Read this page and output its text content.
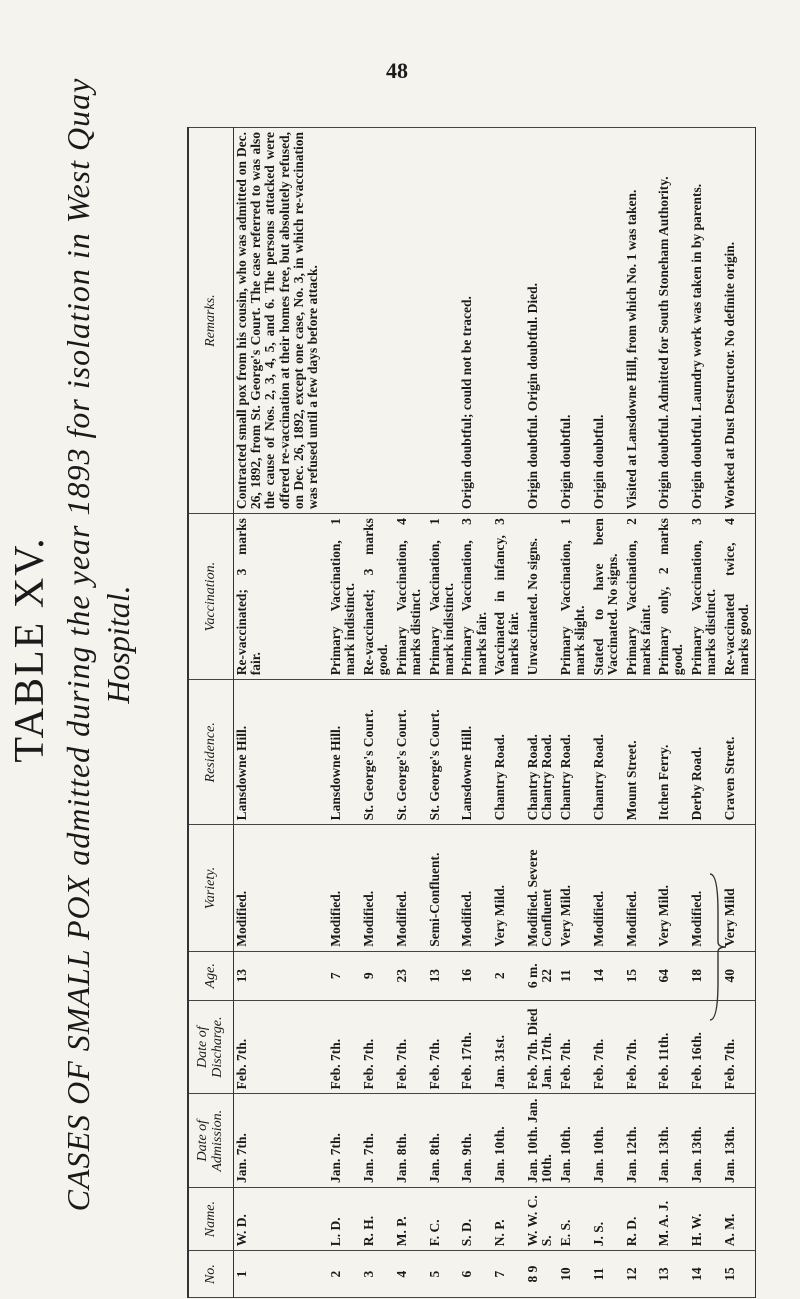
48
TABLE XV. CASES OF SMALL POX admitted during the year 1893 for isolation in West Quay Hospital.
No.	Name.	Date of Admission.	Date of Discharge.	Age.	Variety.	Residence.	Vaccination.	Remarks.
1	W. D.	Jan. 7th.	Feb. 7th.	13	Modified.	Lansdowne Hill.	Re-vaccinated; 3 marks fair.	Contracted small pox from his cousin, who was admitted on Dec. 26, 1892, from St. George's Court. The case referred to was also the cause of Nos. 2, 3, 4, 5, and 6. The persons attacked were offered re-vaccination at their homes free, but absolutely refused, on Dec. 26, 1892, except one case, No. 3, in which re-vaccination was refused until a few days before attack.
2	L. D.	Jan. 7th.	Feb. 7th.	7	Modified.	Lansdowne Hill.	Primary Vaccination, 1 mark indistinct.	
3	R. H.	Jan. 7th.	Feb. 7th.	9	Modified.	St. George's Court.	Re-vaccinated; 3 marks good.	
4	M. P.	Jan. 8th.	Feb. 7th.	23	Modified.	St. George's Court.	Primary Vaccination, 4 marks distinct.	
5	F. C.	Jan. 8th.	Feb. 7th.	13	Semi-Confluent.	St. George's Court.	Primary Vaccination, 1 mark indistinct.	
6	S. D.	Jan. 9th.	Feb. 17th.	16	Modified.	Lansdowne Hill.	Primary Vaccination, 3 marks fair.	Origin doubtful; could not be traced.
7	N. P.	Jan. 10th.	Jan. 31st.	2	Very Mild.	Chantry Road.	Vaccinated in infancy, 3 marks fair.	
8 9	W. W. C. S.	Jan. 10th. Jan. 10th.	Feb. 7th. Died Jan. 17th.	6 m. 22	Modified. Severe Confluent	Chantry Road. Chantry Road.	Unvaccinated. No signs.	Origin doubtful. Origin doubtful. Died.
10	E. S.	Jan. 10th.	Feb. 7th.	11	Very Mild.	Chantry Road.	Primary Vaccination, 1 mark slight.	Origin doubtful.
11	J. S.	Jan. 10th.	Feb. 7th.	14	Modified.	Chantry Road.	Stated to have been Vaccinated. No signs.	Origin doubtful.
12	R. D.	Jan. 12th.	Feb. 7th.	15	Modified.	Mount Street.	Primary Vaccination, 2 marks faint.	Visited at Lansdowne Hill, from which No. 1 was taken.
13	M. A. J.	Jan. 13th.	Feb. 11th.	64	Very Mild.	Itchen Ferry.	Primary only, 2 marks good.	Origin doubtful. Admitted for South Stoneham Authority.
14	H. W.	Jan. 13th.	Feb. 16th.	18	Modified.	Derby Road.	Primary Vaccination, 3 marks distinct.	Origin doubtful. Laundry work was taken in by parents.
15	A. M.	Jan. 13th.	Feb. 7th.	40	Very Mild	Craven Street.	Re-vaccinated twice, 4 marks good.	Worked at Dust Destructor. No definite origin.
